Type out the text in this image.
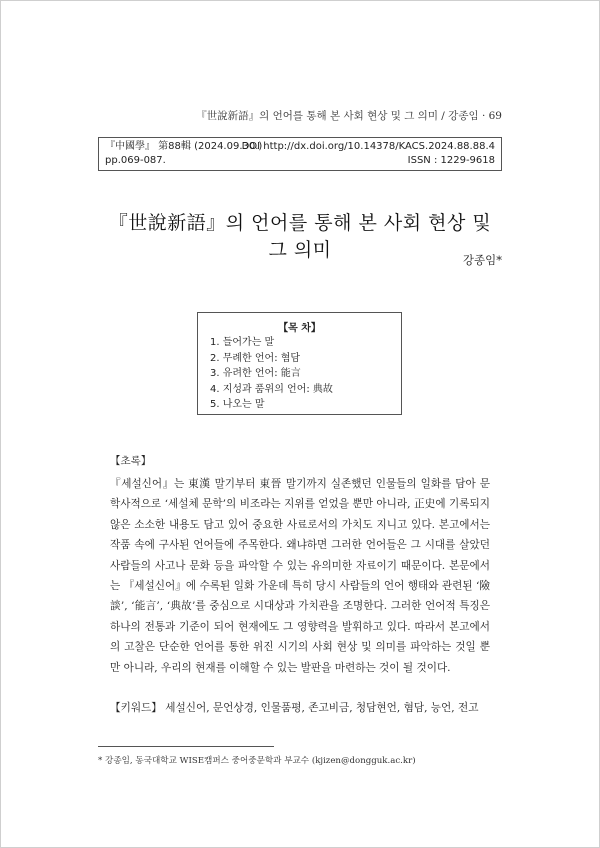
『世說新語』의 언어를 통해 본 사회 현상 및 그 의미 / 강종임 · 69
『中國學』 第88輯 (2024.09.30.)
DOI http://dx.doi.org/10.14378/KACS.2024.88.88.4
pp.069-087.	ISSN : 1229-9618
『世說新語』의 언어를 통해 본 사회 현상 및 그 의미	강종임*
【목 차】
1. 들어가는 말
2. 무례한 언어: 혐담
3. 유려한 언어: 能言
4. 지성과 품위의 언어: 典故
5. 나오는 말
【초록】

『세설신어』는 東漢 말기부터 東晉 말기까지 실존했던 인물들의 일화를 담아 문학사적으로 ‘세설체 문학’의 비조라는 지위를 얻었을 뿐만 아니라, 正史에 기록되지 않은 소소한 내용도 담고 있어 중요한 사료로서의 가치도 지니고 있다. 본고에서는 작품 속에 구사된 언어들에 주목한다. 왜냐하면 그러한 언어들은 그 시대를 살았던 사람들의 사고나 문화 등을 파악할 수 있는 유의미한 자료이기 때문이다. 본문에서는 『세설신어』에 수록된 일화 가운데 특히 당시 사람들의 언어 행태와 관련된 ‘險談’, ‘能言’, ‘典故’를 중심으로 시대상과 가치관을 조명한다. 그러한 언어적 특징은 하나의 전통과 기준이 되어 현재에도 그 영향력을 발휘하고 있다. 따라서 본고에서의 고찰은 단순한 언어를 통한 위진 시기의 사회 현상 및 의미를 파악하는 것일 뿐만 아니라, 우리의 현재를 이해할 수 있는 발판을 마련하는 것이 될 것이다.

【키워드】 세설신어, 문언상경, 인물품평, 존고비금, 청담현언, 혐담, 능언, 전고
* 강종임, 동국대학교 WISE캠퍼스 중어중문학과 부교수 (kjizen@dongguk.ac.kr)
